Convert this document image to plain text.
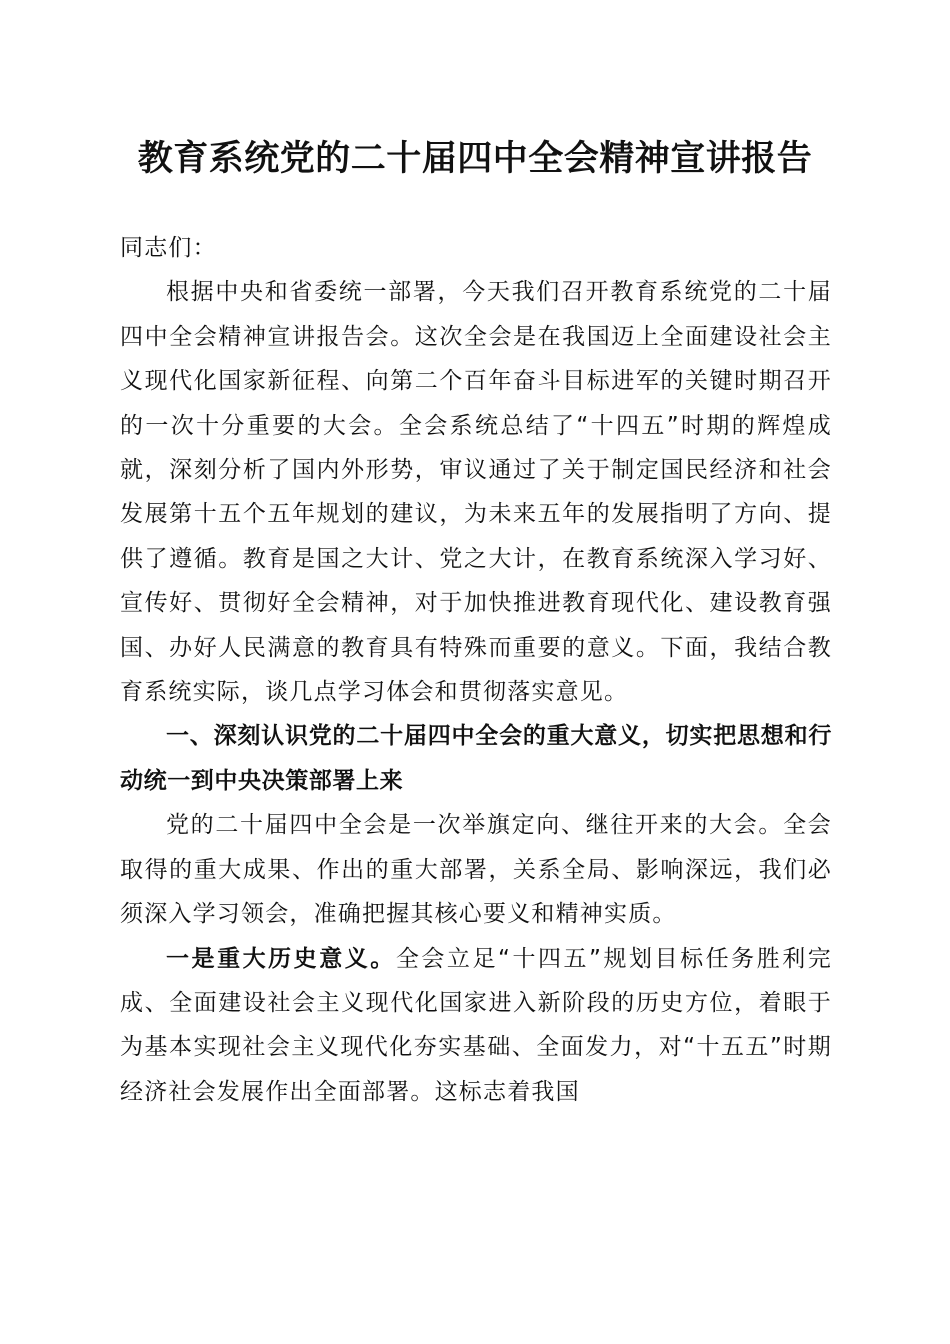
教育系统党的二十届四中全会精神宣讲报告

同志们：

根据中央和省委统一部署，今天我们召开教育系统党的二十届四中全会精神宣讲报告会。这次全会是在我国迈上全面建设社会主义现代化国家新征程、向第二个百年奋斗目标进军的关键时期召开的一次十分重要的大会。全会系统总结了“十四五”时期的辉煌成就，深刻分析了国内外形势，审议通过了关于制定国民经济和社会发展第十五个五年规划的建议，为未来五年的发展指明了方向、提供了遵循。教育是国之大计、党之大计，在教育系统深入学习好、宣传好、贯彻好全会精神，对于加快推进教育现代化、建设教育强国、办好人民满意的教育具有特殊而重要的意义。下面，我结合教育系统实际，谈几点学习体会和贯彻落实意见。

一、深刻认识党的二十届四中全会的重大意义，切实把思想和行动统一到中央决策部署上来

党的二十届四中全会是一次举旗定向、继往开来的大会。全会取得的重大成果、作出的重大部署，关系全局、影响深远，我们必须深入学习领会，准确把握其核心要义和精神实质。

一是重大历史意义。全会立足“十四五”规划目标任务胜利完成、全面建设社会主义现代化国家进入新阶段的历史方位，着眼于为基本实现社会主义现代化夯实基础、全面发力，对“十五五”时期经济社会发展作出全面部署。这标志着我国
